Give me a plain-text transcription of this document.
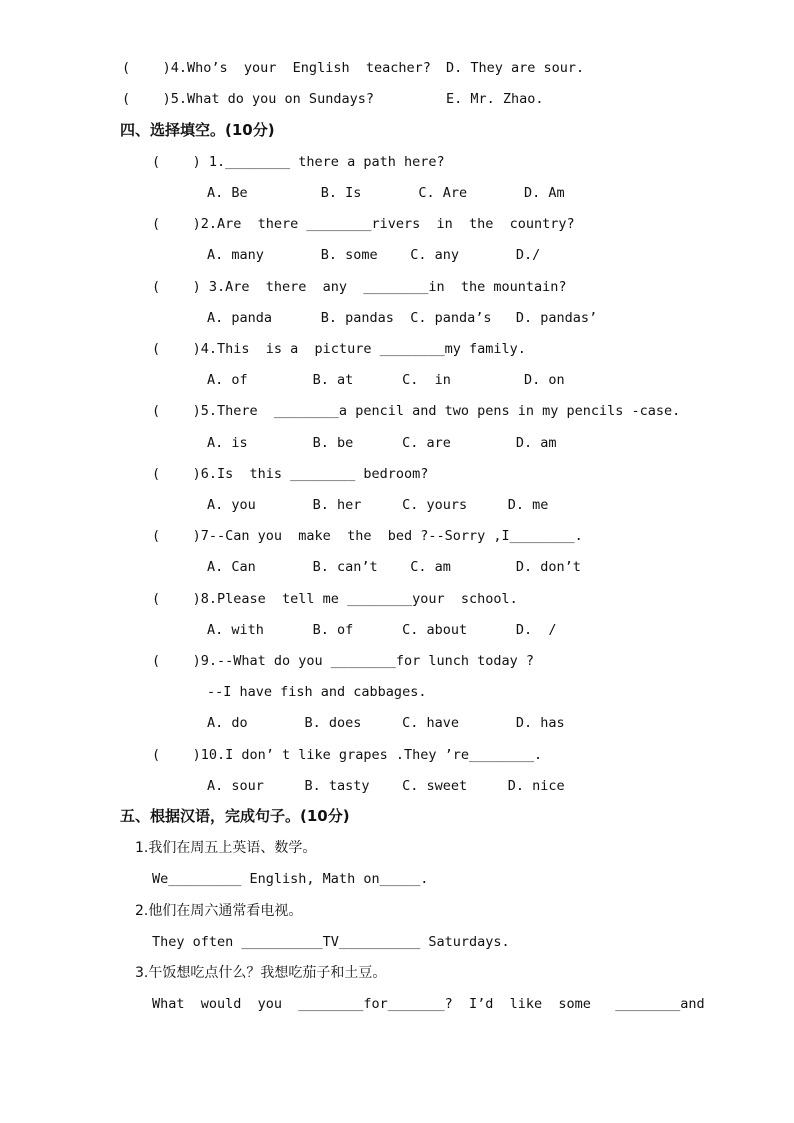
(    )4.Who’s  your  English  teacher? D. They are sour.
(    )5.What do you on Sundays?	E. Mr. Zhao.
四、选择填空。(10分)
(    ) 1.________ there a path here?
A. Be         B. Is       C. Are       D. Am
(    )2.Are  there ________rivers  in  the  country?
A. many       B. some    C. any       D./
(    ) 3.Are  there  any  ________in  the mountain?
A. panda      B. pandas  C. panda’s   D. pandas’
(    )4.This  is a  picture ________my family.
A. of        B. at      C.  in         D. on
(    )5.There  ________a pencil and two pens in my pencils -case.
A. is        B. be      C. are        D. am
(    )6.Is  this ________ bedroom?
A. you       B. her     C. yours     D. me
(    )7--Can you  make  the  bed ?--Sorry ,I________.
A. Can       B. can’t    C. am        D. don’t
(    )8.Please  tell me ________your  school.
A. with      B. of      C. about      D.  /
(    )9.--What do you ________for lunch today ?
--I have fish and cabbages.
A. do       B. does     C. have       D. has
(    )10.I don’ t like grapes .They ’re________.
A. sour     B. tasty    C. sweet     D. nice
五、根据汉语，完成句子。(10分)
1.我们在周五上英语、数学。
We_________ English, Math on_____.
2.他们在周六通常看电视。
They often __________TV__________ Saturdays.
3.午饭想吃点什么？我想吃茄子和土豆。
What  would  you  ________for_______?  I’d  like  some   ________and
